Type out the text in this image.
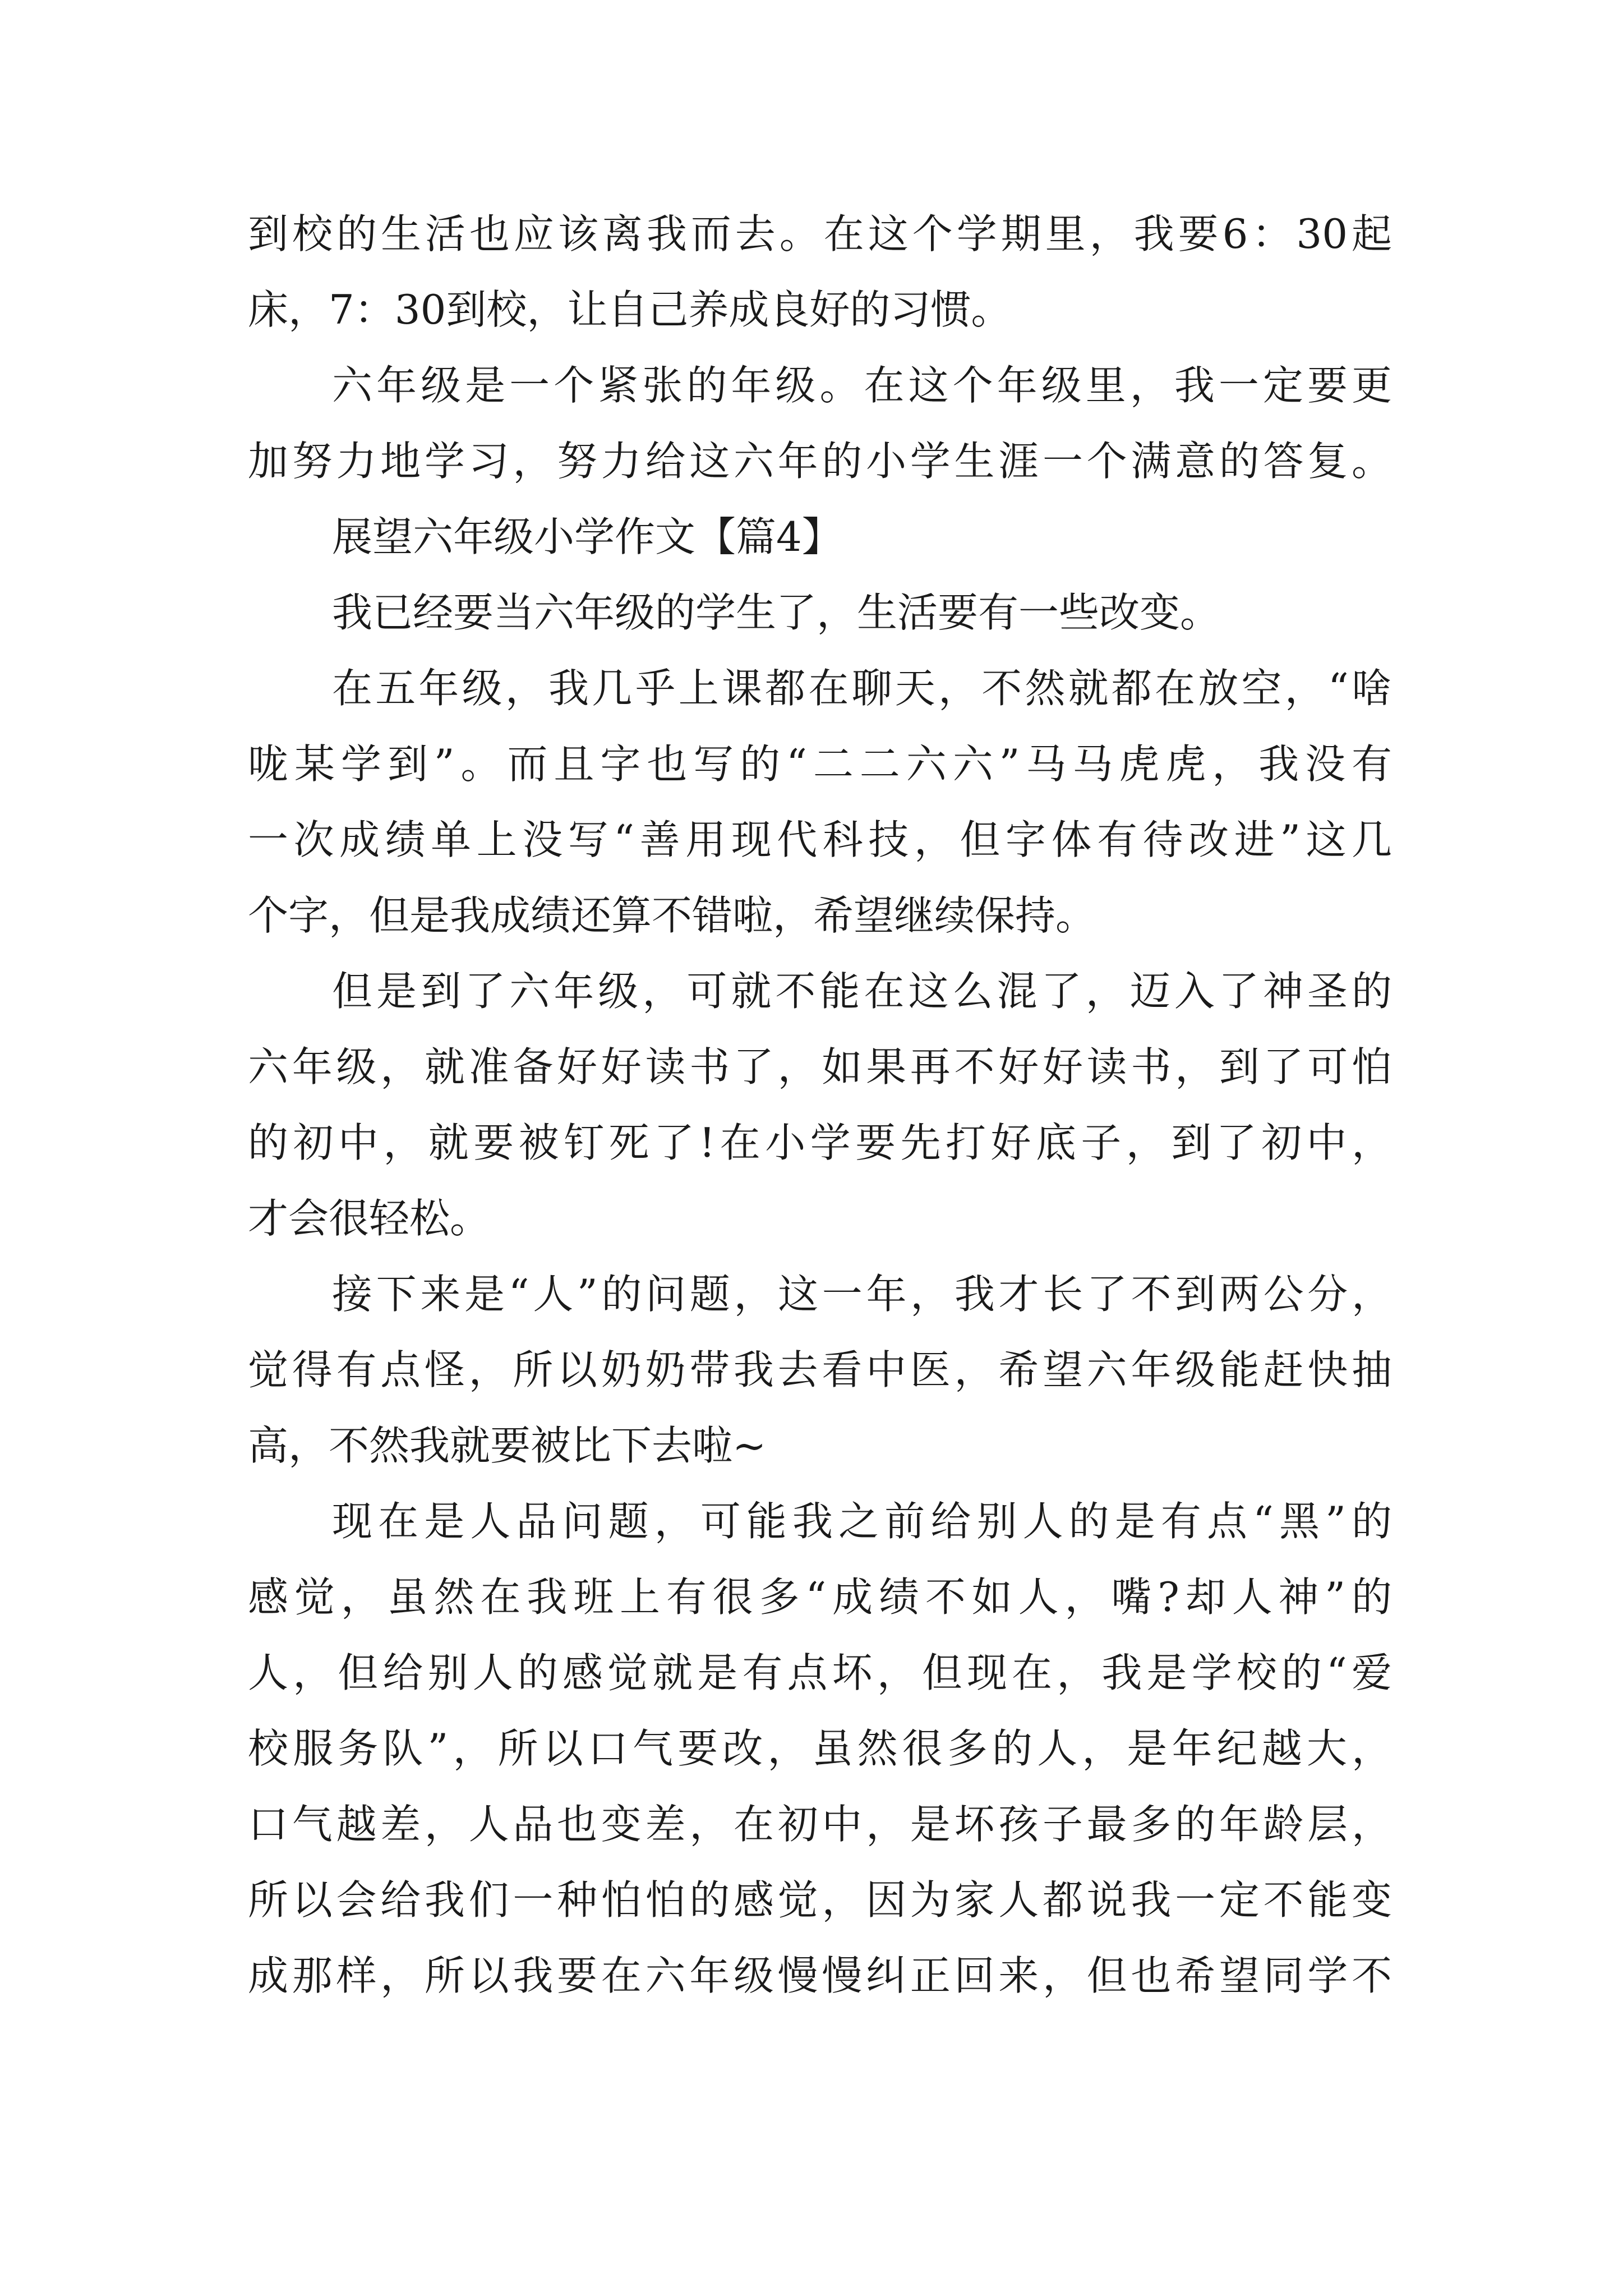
到校的生活也应该离我而去。在这个学期里，我要6：30起
床，7：30到校，让自己养成良好的习惯。
六年级是一个紧张的年级。在这个年级里，我一定要更
加努力地学习，努力给这六年的小学生涯一个满意的答复。
展望六年级小学作文【篇4】
我已经要当六年级的学生了，生活要有一些改变。
在五年级，我几乎上课都在聊天，不然就都在放空，“啥
咙某学到”。而且字也写的“二二六六”马马虎虎，我没有
一次成绩单上没写“善用现代科技，但字体有待改进”这几
个字，但是我成绩还算不错啦，希望继续保持。
但是到了六年级，可就不能在这么混了，迈入了神圣的
六年级，就准备好好读书了，如果再不好好读书，到了可怕
的初中，就要被钉死了!在小学要先打好底子，到了初中，
才会很轻松。
接下来是“人”的问题，这一年，我才长了不到两公分，
觉得有点怪，所以奶奶带我去看中医，希望六年级能赶快抽
高，不然我就要被比下去啦~
现在是人品问题，可能我之前给别人的是有点“黑”的
感觉，虽然在我班上有很多“成绩不如人，嘴?却人神”的
人，但给别人的感觉就是有点坏，但现在，我是学校的“爱
校服务队”，所以口气要改，虽然很多的人，是年纪越大，
口气越差，人品也变差，在初中，是坏孩子最多的年龄层，
所以会给我们一种怕怕的感觉，因为家人都说我一定不能变
成那样，所以我要在六年级慢慢纠正回来，但也希望同学不
